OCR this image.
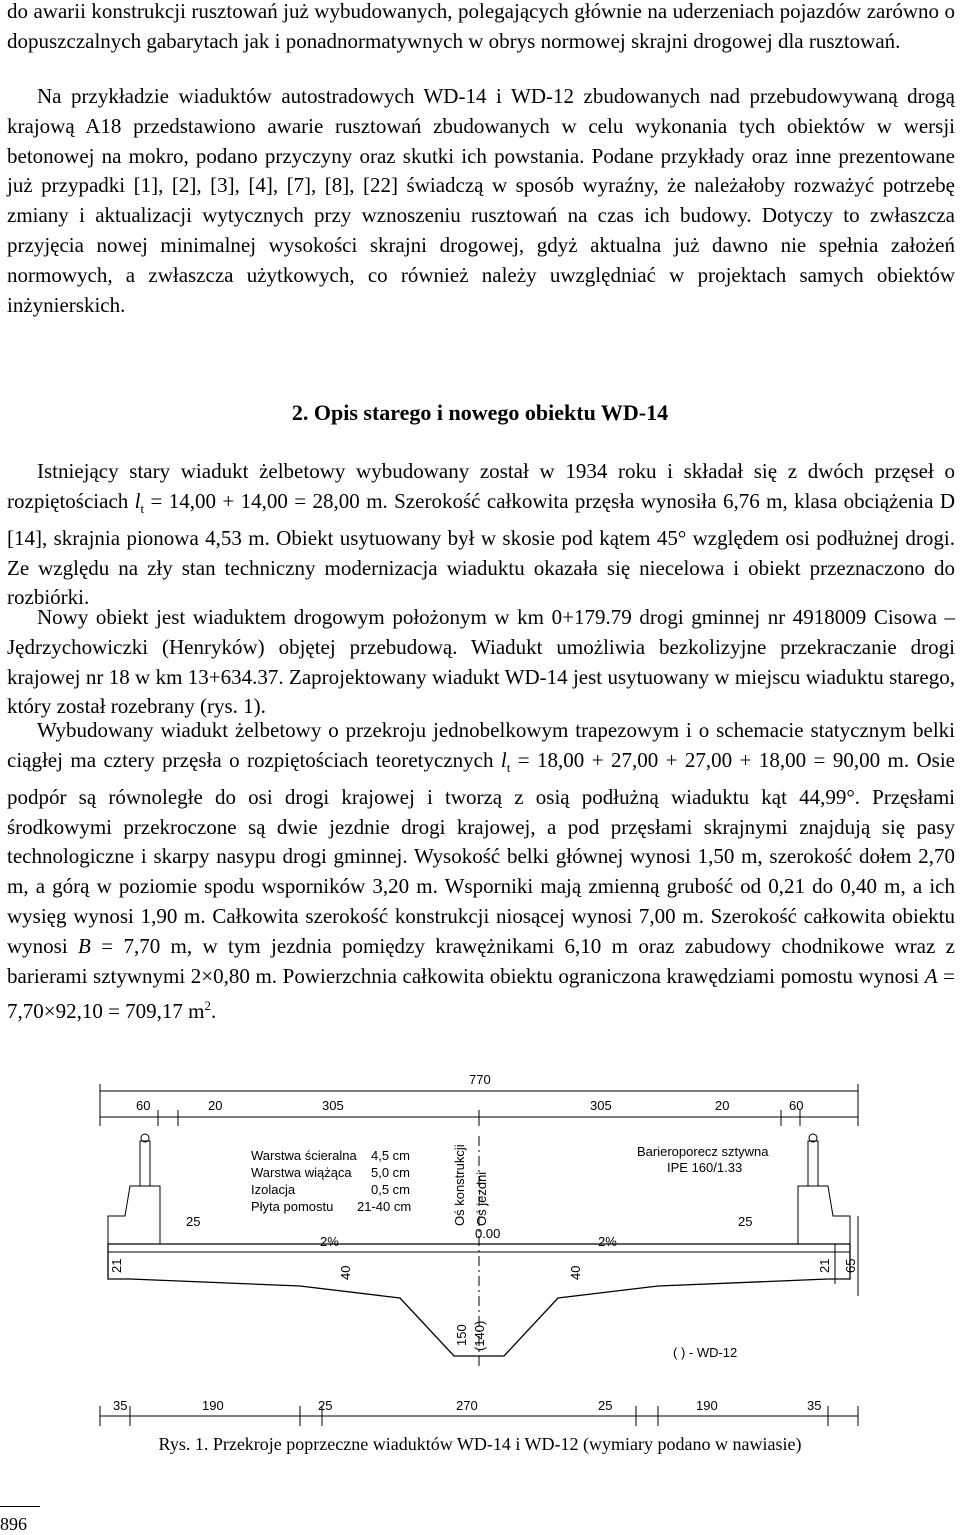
do awarii konstrukcji rusztowań już wybudowanych, polegających głównie na uderzeniach pojazdów zarówno o dopuszczalnych gabarytach jak i ponadnormatywnych w obrys normowej skrajni drogowej dla rusztowań.

Na przykładzie wiaduktów autostradowych WD-14 i WD-12 zbudowanych nad przebudowywaną drogą krajową A18 przedstawiono awarie rusztowań zbudowanych w celu wykonania tych obiektów w wersji betonowej na mokro, podano przyczyny oraz skutki ich powstania. Podane przykłady oraz inne prezentowane już przypadki [1], [2], [3], [4], [7], [8], [22] świadczą w sposób wyraźny, że należałoby rozważyć potrzebę zmiany i aktualizacji wytycznych przy wznoszeniu rusztowań na czas ich budowy. Dotyczy to zwłaszcza przyjęcia nowej minimalnej wysokości skrajni drogowej, gdyż aktualna już dawno nie spełnia założeń normowych, a zwłaszcza użytkowych, co również należy uwzględniać w projektach samych obiektów inżynierskich.

2. Opis starego i nowego obiektu WD-14

Istniejący stary wiadukt żelbetowy wybudowany został w 1934 roku i składał się z dwóch przęseł o rozpiętościach $l_t = 14,00 + 14,00 = 28,00$ m. Szerokość całkowita przęsła wynosiła 6,76 m, klasa obciążenia D [14], skrajnia pionowa 4,53 m. Obiekt usytuowany był w skosie pod kątem 45° względem osi podłużnej drogi. Ze względu na zły stan techniczny modernizacja wiaduktu okazała się niecelowa i obiekt przeznaczono do rozbiórki.

Nowy obiekt jest wiaduktem drogowym położonym w km 0+179.79 drogi gminnej nr 4918009 Cisowa – Jędrzychowiczki (Henryków) objętej przebudową. Wiadukt umożliwia bezkolizyjne przekraczanie drogi krajowej nr 18 w km 13+634.37. Zaprojektowany wiadukt WD-14 jest usytuowany w miejscu wiaduktu starego, który został rozebrany (rys. 1).

Wybudowany wiadukt żelbetowy o przekroju jednobelkowym trapezowym i o schemacie statycznym belki ciągłej ma cztery przęsła o rozpiętościach teoretycznych $l_t = 18,00 + 27,00 + 27,00 + 18,00 = 90,00$ m. Osie podpór są równoległe do osi drogi krajowej i tworzą z osią podłużną wiaduktu kąt 44,99°. Przęsłami środkowymi przekroczone są dwie jezdnie drogi krajowej, a pod przęsłami skrajnymi znajdują się pasy technologiczne i skarpy nasypu drogi gminnej. Wysokość belki głównej wynosi 1,50 m, szerokość dołem 2,70 m, a górą w poziomie spodu wsporników 3,20 m. Wsporniki mają zmienną grubość od 0,21 do 0,40 m, a ich wysięg wynosi 1,90 m. Całkowita szerokość konstrukcji niosącej wynosi 7,00 m. Szerokość całkowita obiektu wynosi B = 7,70 m, w tym jezdnia pomiędzy krawężnikami 6,10 m oraz zabudowy chodnikowe wraz z barierami sztywnymi 2×0,80 m. Powierzchnia całkowita obiektu ograniczona krawędziami pomostu wynosi A = 7,70×92,10 = 709,17 $m^2$.

770
60	20	305	305	20	60
Warstwa ścieralna 4,5 cm
Warstwa wiążąca 5,0 cm
Izolacja	0,5 cm
Płyta pomostu 21-40 cm	Oś konstrukcji Oś jezdni
0.00
Barieroporecz sztywna
IPE 160/1.33
2%	2%
25	25
21	40	40	21 65
150 (140)
( ) - WD-12
35	190	25	270	25	190	35

Rys. 1. Przekroje poprzeczne wiaduktów WD-14 i WD-12 (wymiary podano w nawiasie)

896
